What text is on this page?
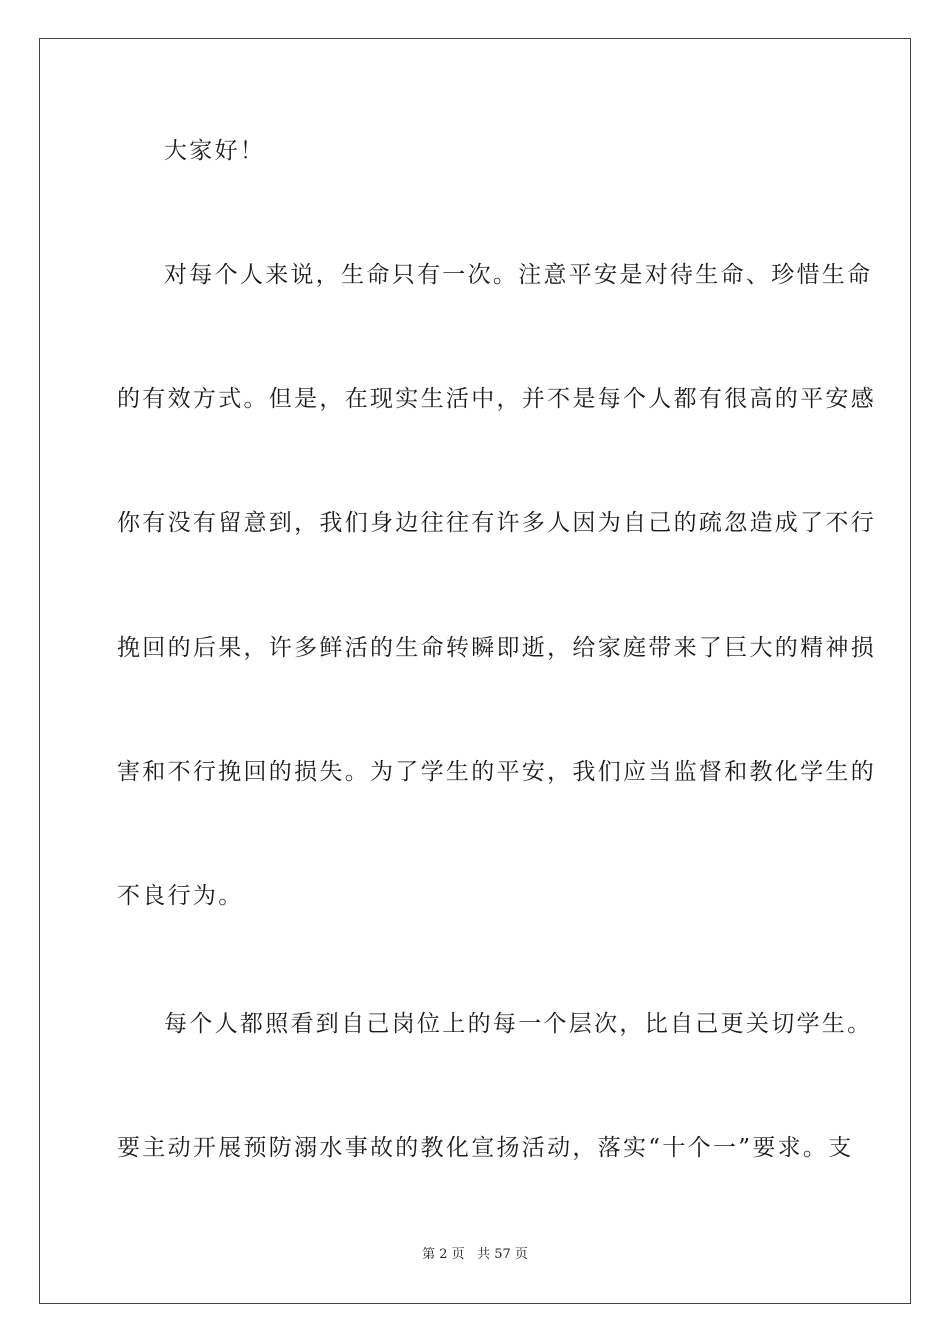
大家好！
对每个人来说，生命只有一次。注意平安是对待生命、珍惜生命
的有效方式。但是，在现实生活中，并不是每个人都有很高的平安感
你有没有留意到，我们身边往往有许多人因为自己的疏忽造成了不行
挽回的后果，许多鲜活的生命转瞬即逝，给家庭带来了巨大的精神损
害和不行挽回的损失。为了学生的平安，我们应当监督和教化学生的
不良行为。
每个人都照看到自己岗位上的每一个层次，比自己更关切学生。
要主动开展预防溺水事故的教化宣扬活动，落实“十个一”要求。支
第 2 页 共 57 页
